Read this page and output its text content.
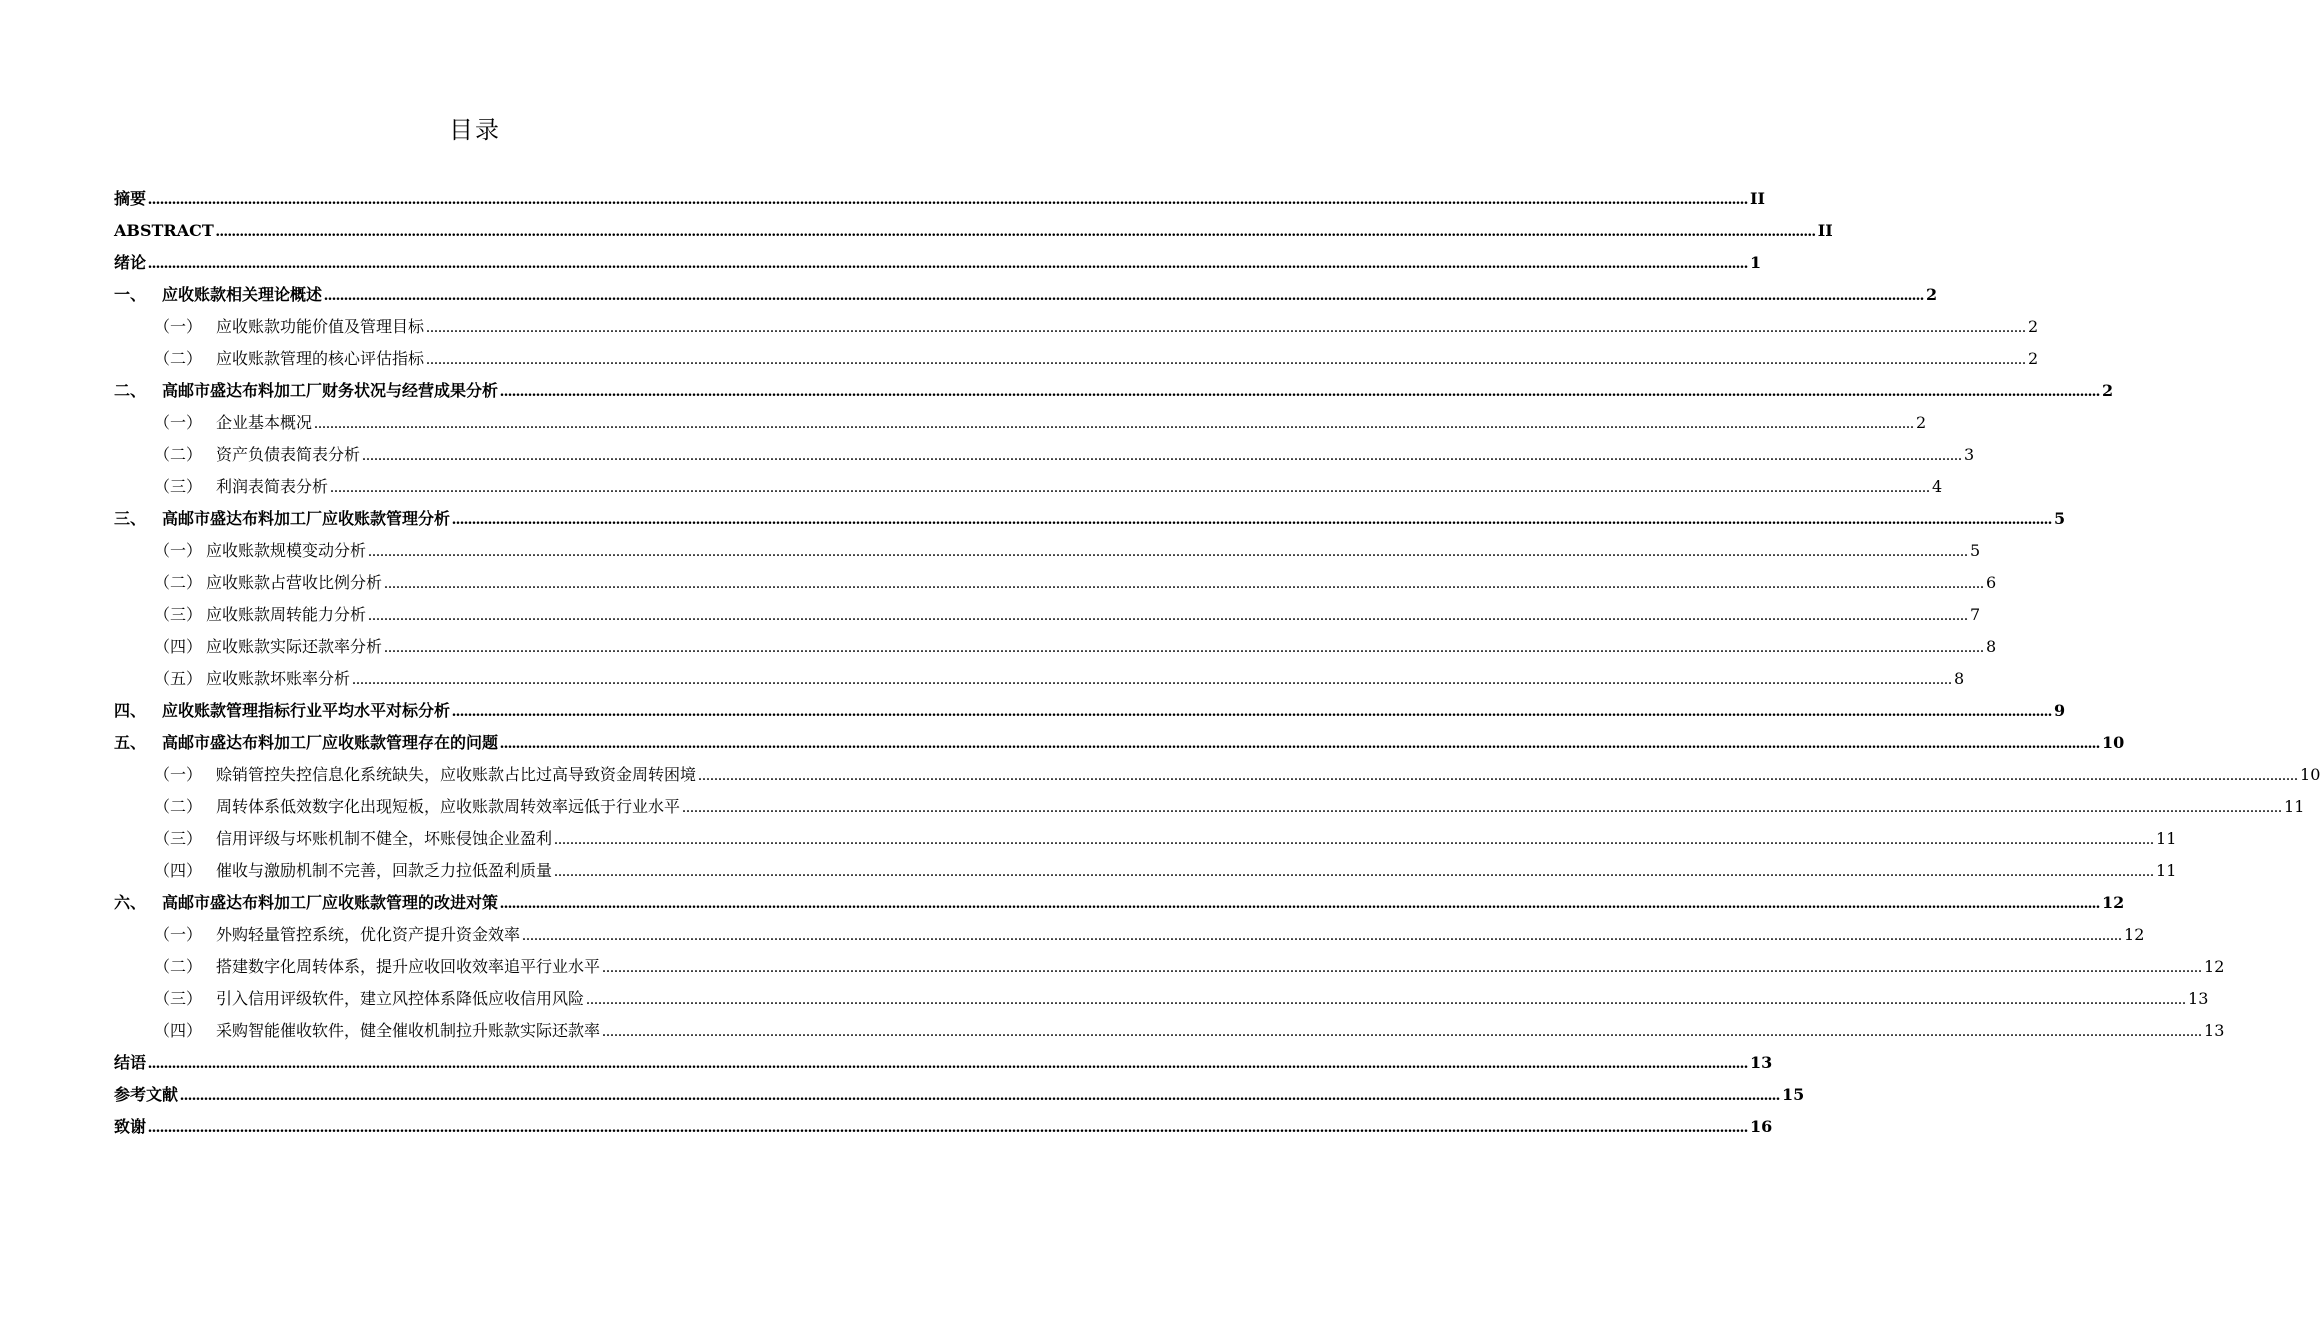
目录
摘要 ................................................................................................................................................................................................................................................................................................................................................................................................................ II
ABSTRACT ................................................................................................................................................................................................................................................................................................................................................................................................................ II
绪论 ................................................................................................................................................................................................................................................................................................................................................................................................................ 1
一、 应收账款相关理论概述 ................................................................................................................................................................................................................................................................................................................................................................................................................ 2
（一） 应收账款功能价值及管理目标 ................................................................................................................................................................................................................................................................................................................................................................................................................ 2
（二） 应收账款管理的核心评估指标 ................................................................................................................................................................................................................................................................................................................................................................................................................ 2
二、 高邮市盛达布料加工厂财务状况与经营成果分析 ................................................................................................................................................................................................................................................................................................................................................................................................................ 2
（一） 企业基本概况 ................................................................................................................................................................................................................................................................................................................................................................................................................ 2
（二） 资产负债表简表分析 ................................................................................................................................................................................................................................................................................................................................................................................................................ 3
（三） 利润表简表分析 ................................................................................................................................................................................................................................................................................................................................................................................................................ 4
三、 高邮市盛达布料加工厂应收账款管理分析 ................................................................................................................................................................................................................................................................................................................................................................................................................ 5
（一） 应收账款规模变动分析 ................................................................................................................................................................................................................................................................................................................................................................................................................ 5
（二） 应收账款占营收比例分析 ................................................................................................................................................................................................................................................................................................................................................................................................................ 6
（三） 应收账款周转能力分析 ................................................................................................................................................................................................................................................................................................................................................................................................................ 7
（四） 应收账款实际还款率分析 ................................................................................................................................................................................................................................................................................................................................................................................................................ 8
（五） 应收账款坏账率分析 ................................................................................................................................................................................................................................................................................................................................................................................................................ 8
四、 应收账款管理指标行业平均水平对标分析 ................................................................................................................................................................................................................................................................................................................................................................................................................ 9
五、 高邮市盛达布料加工厂应收账款管理存在的问题 ................................................................................................................................................................................................................................................................................................................................................................................................................ 10
（一） 赊销管控失控信息化系统缺失，应收账款占比过高导致资金周转困境 ................................................................................................................................................................................................................................................................................................................................................................................................................ 10
（二） 周转体系低效数字化出现短板，应收账款周转效率远低于行业水平 ................................................................................................................................................................................................................................................................................................................................................................................................................ 11
（三） 信用评级与坏账机制不健全，坏账侵蚀企业盈利 ................................................................................................................................................................................................................................................................................................................................................................................................................ 11
（四） 催收与激励机制不完善，回款乏力拉低盈利质量 ................................................................................................................................................................................................................................................................................................................................................................................................................ 11
六、 高邮市盛达布料加工厂应收账款管理的改进对策 ................................................................................................................................................................................................................................................................................................................................................................................................................ 12
（一） 外购轻量管控系统，优化资产提升资金效率 ................................................................................................................................................................................................................................................................................................................................................................................................................ 12
（二） 搭建数字化周转体系，提升应收回收效率追平行业水平 ................................................................................................................................................................................................................................................................................................................................................................................................................ 12
（三） 引入信用评级软件，建立风控体系降低应收信用风险 ................................................................................................................................................................................................................................................................................................................................................................................................................ 13
（四） 采购智能催收软件，健全催收机制拉升账款实际还款率 ................................................................................................................................................................................................................................................................................................................................................................................................................ 13
结语 ................................................................................................................................................................................................................................................................................................................................................................................................................ 13
参考文献 ................................................................................................................................................................................................................................................................................................................................................................................................................ 15
致谢 ................................................................................................................................................................................................................................................................................................................................................................................................................ 16
